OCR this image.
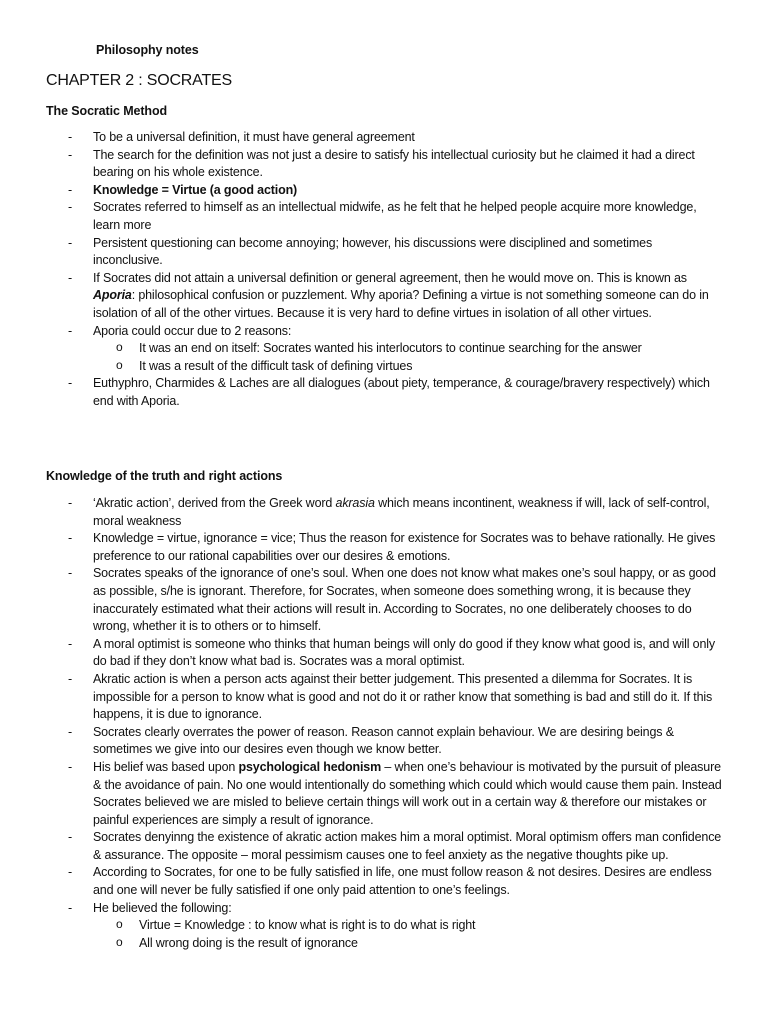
Philosophy notes
CHAPTER 2 : SOCRATES
The Socratic Method
- To be a universal definition, it must have general agreement
- The search for the definition was not just a desire to satisfy his intellectual curiosity but he claimed it had a direct bearing on his whole existence.
- Knowledge = Virtue (a good action)
- Socrates referred to himself as an intellectual midwife, as he felt that he helped people acquire more knowledge, learn more
- Persistent questioning can become annoying; however, his discussions were disciplined and sometimes inconclusive.
- If Socrates did not attain a universal definition or general agreement, then he would move on. This is known as Aporia: philosophical confusion or puzzlement. Why aporia? Defining a virtue is not something someone can do in isolation of all of the other virtues. Because it is very hard to define virtues in isolation of all other virtues.
- Aporia could occur due to 2 reasons:
o It was an end on itself: Socrates wanted his interlocutors to continue searching for the answer
o It was a result of the difficult task of defining virtues
- Euthyphro, Charmides & Laches are all dialogues (about piety, temperance, & courage/bravery respectively) which end with Aporia.
Knowledge of the truth and right actions
- ‘Akratic action’, derived from the Greek word akrasia which means incontinent, weakness if will, lack of self-control, moral weakness
- Knowledge = virtue, ignorance = vice; Thus the reason for existence for Socrates was to behave rationally. He gives preference to our rational capabilities over our desires & emotions.
- Socrates speaks of the ignorance of one’s soul. When one does not know what makes one’s soul happy, or as good as possible, s/he is ignorant. Therefore, for Socrates, when someone does something wrong, it is because they inaccurately estimated what their actions will result in. According to Socrates, no one deliberately chooses to do wrong, whether it is to others or to himself.
- A moral optimist is someone who thinks that human beings will only do good if they know what good is, and will only do bad if they don’t know what bad is. Socrates was a moral optimist.
- Akratic action is when a person acts against their better judgement. This presented a dilemma for Socrates. It is impossible for a person to know what is good and not do it or rather know that something is bad and still do it. If this happens, it is due to ignorance.
- Socrates clearly overrates the power of reason. Reason cannot explain behaviour. We are desiring beings & sometimes we give into our desires even though we know better.
- His belief was based upon psychological hedonism – when one’s behaviour is motivated by the pursuit of pleasure & the avoidance of pain. No one would intentionally do something which could which would cause them pain. Instead Socrates believed we are misled to believe certain things will work out in a certain way & therefore our mistakes or painful experiences are simply a result of ignorance.
- Socrates denyinng the existence of akratic action makes him a moral optimist. Moral optimism offers man confidence & assurance. The opposite – moral pessimism causes one to feel anxiety as the negative thoughts pike up.
- According to Socrates, for one to be fully satisfied in life, one must follow reason & not desires. Desires are endless and one will never be fully satisfied if one only paid attention to one’s feelings.
- He believed the following:
o Virtue = Knowledge : to know what is right is to do what is right
o All wrong doing is the result of ignorance
